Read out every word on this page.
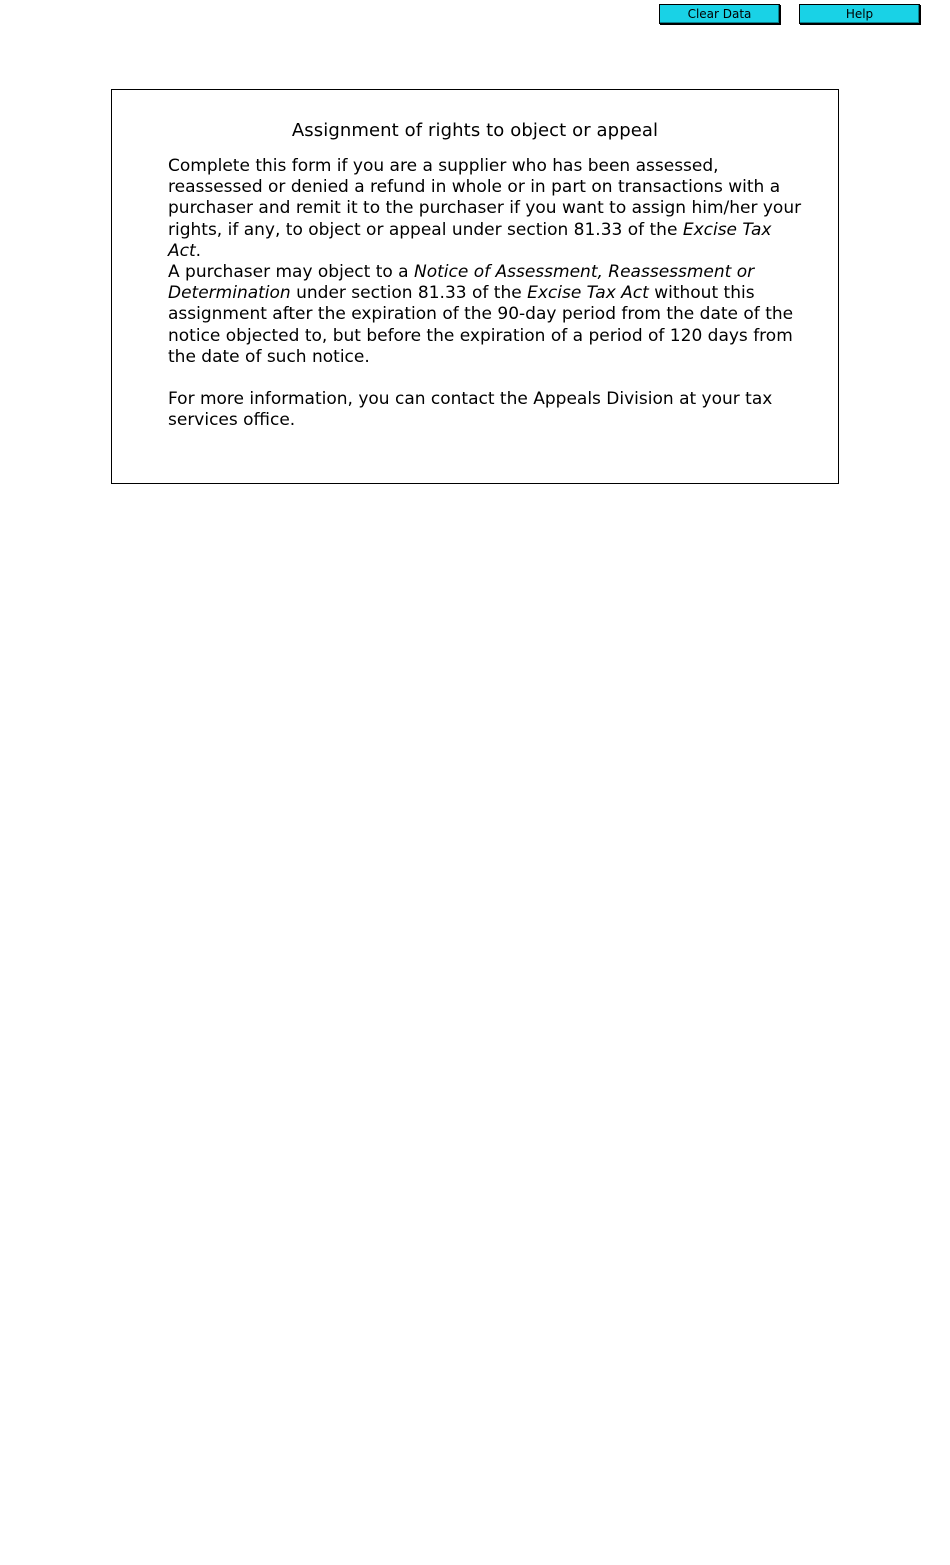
Clear Data	Help
Assignment of rights to object or appeal

Complete this form if you are a supplier who has been assessed, reassessed or denied a refund in whole or in part on transactions with a purchaser and remit it to the purchaser if you want to assign him/her your rights, if any, to object or appeal under section 81.33 of the Excise Tax Act.

A purchaser may object to a Notice of Assessment, Reassessment or Determination under section 81.33 of the Excise Tax Act without this assignment after the expiration of the 90-day period from the date of the notice objected to, but before the expiration of a period of 120 days from the date of such notice.

For more information, you can contact the Appeals Division at your tax services office.
